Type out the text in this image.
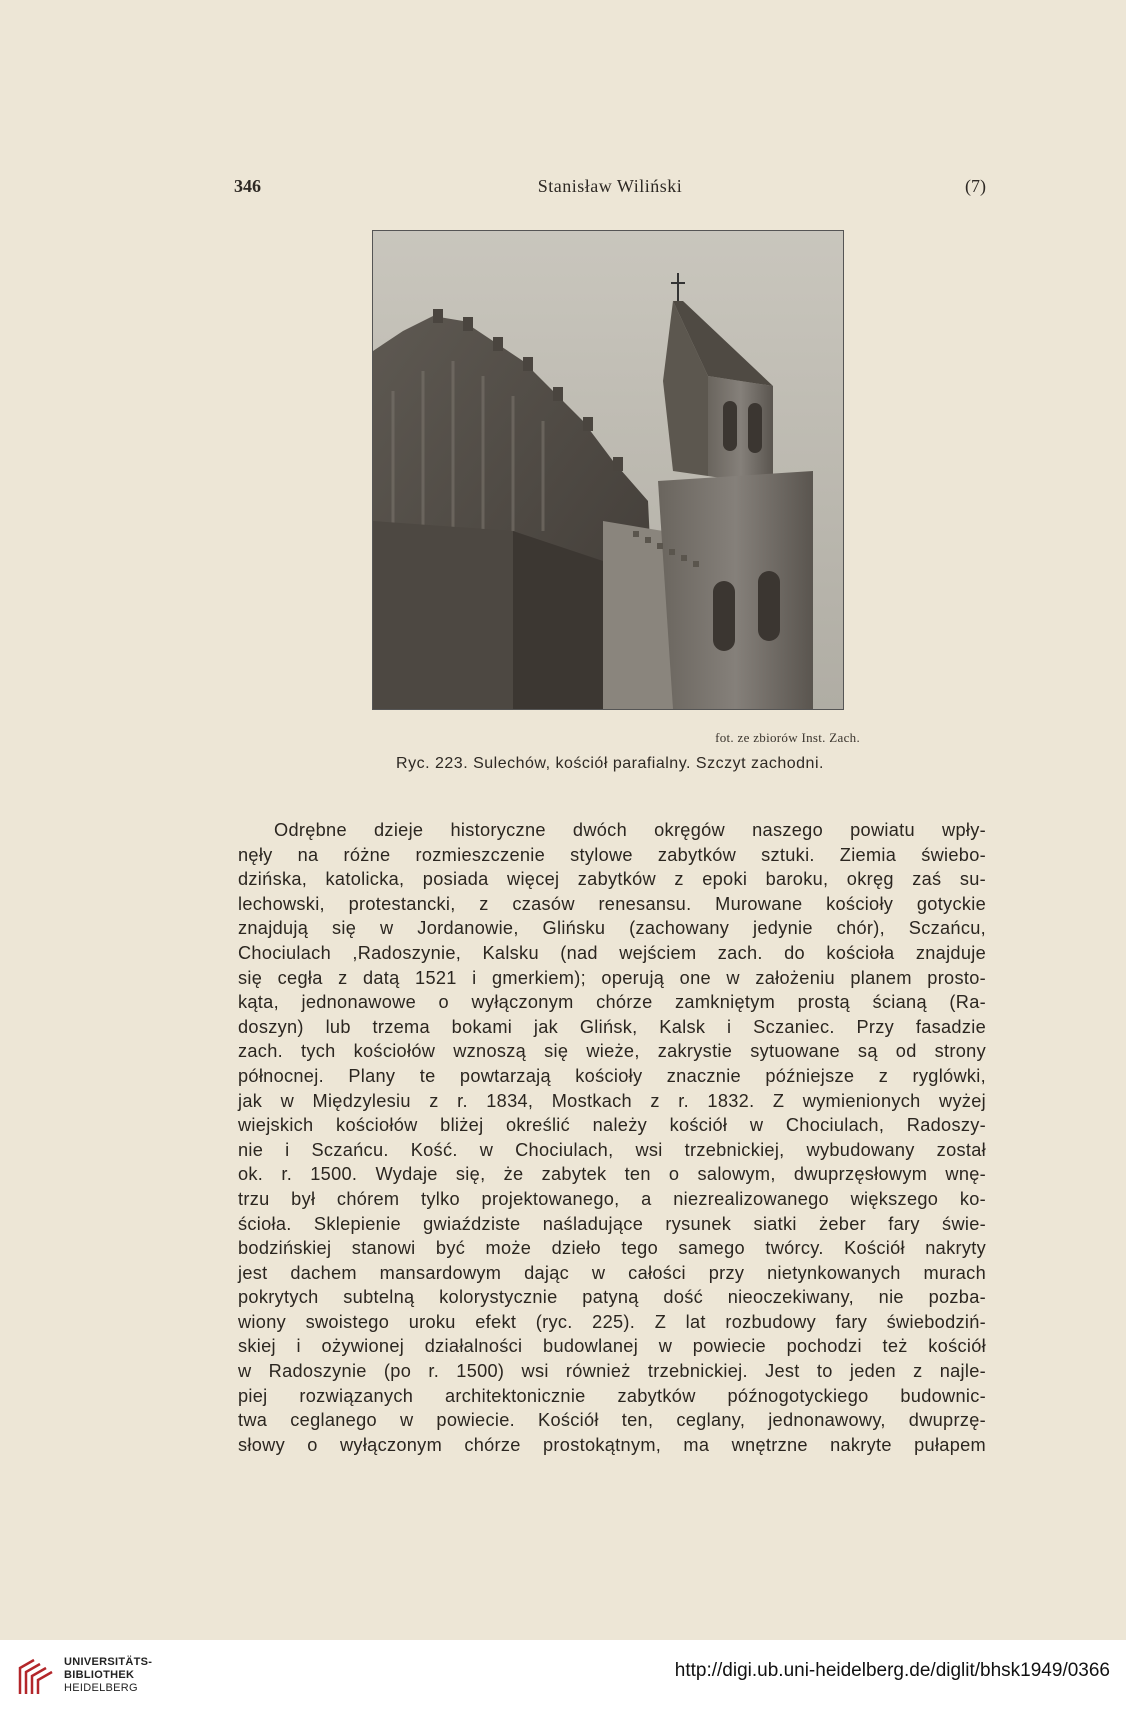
346	Stanisław Wiliński	(7)
fot. ze zbiorów Inst. Zach.
Ryc. 223. Sulechów, kościół parafialny. Szczyt zachodni.
Odrębne dzieje historyczne dwóch okręgów naszego powiatu wpły-
nęły na różne rozmieszczenie stylowe zabytków sztuki. Ziemia świebo-
dzińska, katolicka, posiada więcej zabytków z epoki baroku, okręg zaś su-
lechowski, protestancki, z czasów renesansu. Murowane kościoły gotyckie
znajdują się w Jordanowie, Glińsku (zachowany jedynie chór), Sczańcu,
Chociulach ,Radoszynie, Kalsku (nad wejściem zach. do kościoła znajduje
się cegła z datą 1521 i gmerkiem); operują one w założeniu planem prosto-
kąta, jednonawowe o wyłączonym chórze zamkniętym prostą ścianą (Ra-
doszyn) lub trzema bokami jak Glińsk, Kalsk i Sczaniec. Przy fasadzie
zach. tych kościołów wznoszą się wieże, zakrystie sytuowane są od strony
północnej. Plany te powtarzają kościoły znacznie późniejsze z ryglówki,
jak w Międzylesiu z r. 1834, Mostkach z r. 1832. Z wymienionych wyżej
wiejskich kościołów bliżej określić należy kościół w Chociulach, Radoszy-
nie i Sczańcu. Kość. w Chociulach, wsi trzebnickiej, wybudowany został
ok. r. 1500. Wydaje się, że zabytek ten o salowym, dwuprzęsłowym wnę-
trzu był chórem tylko projektowanego, a niezrealizowanego większego ko-
ścioła. Sklepienie gwiaździste naśladujące rysunek siatki żeber fary świe-
bodzińskiej stanowi być może dzieło tego samego twórcy. Kościół nakryty
jest dachem mansardowym dając w całości przy nietynkowanych murach
pokrytych subtelną kolorystycznie patyną dość nieoczekiwany, nie pozba-
wiony swoistego uroku efekt (ryc. 225). Z lat rozbudowy fary świebodziń-
skiej i ożywionej działalności budowlanej w powiecie pochodzi też kościół
w Radoszynie (po r. 1500) wsi również trzebnickiej. Jest to jeden z najle-
piej rozwiązanych architektonicznie zabytków późnogotyckiego budownic-
twa ceglanego w powiecie. Kościół ten, ceglany, jednonawowy, dwuprzę-
słowy o wyłączonym chórze prostokątnym, ma wnętrzne nakryte pułapem
UNIVERSITÄTS-
BIBLIOTHEK
HEIDELBERG
http://digi.ub.uni-heidelberg.de/diglit/bhsk1949/0366
